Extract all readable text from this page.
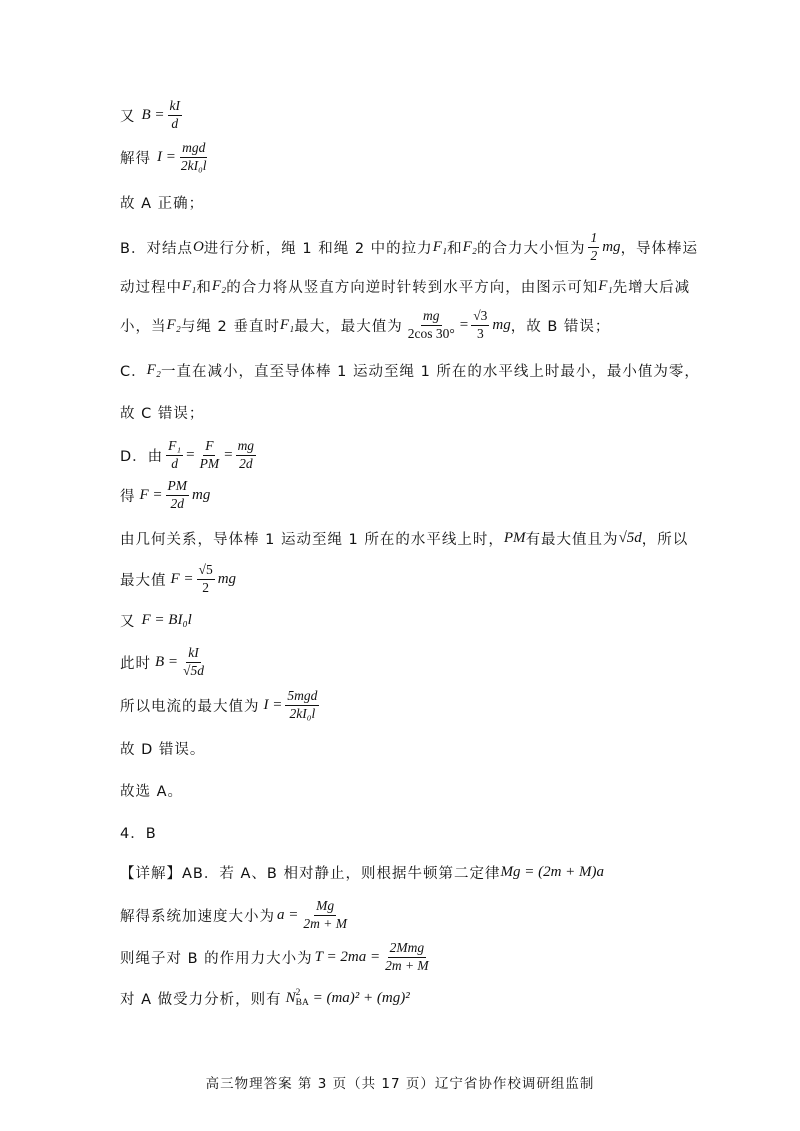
又 $B = \frac{kI}{d}$
解得 $I = \frac{\text{mgd}}{\text{2kI₀l}}$
故 A 正确；
B．对结点 O 进行分析，绳 1 和绳 2 中的拉力 F₁ 和 F₂ 的合力大小恒为 $\frac{1}{2}$ mg ，导体棒运
动过程中 F₁ 和 F₂ 的合力将从竖直方向逆时针转到水平方向，由图示可知 F₁ 先增大后减
小，当 F₂ 与绳 2 垂直时 F₁ 最大，最大值为 $\frac{mg}{2\cos 30^\circ} = \frac{√3}{3}$ mg ，故 B 错误；
C． F₂ 一直在减小，直至导体棒 1 运动至绳 1 所在的水平线上时最小，最小值为零，
故 C 错误；
D．由 $\frac{\text{F₁}}{d} = \frac{F}{PM} = \frac{mg}{2d}$
得 $F = \frac{PM}{2d}$ mg
由几何关系，导体棒 1 运动至绳 1 所在的水平线上时， PM 有最大值且为 √5d ，所以
最大值 $F = \frac{√5}{2}$ mg
又 F = BI₀l
此时 $B = \frac{kI}{√5d}$
所以电流的最大值为 $I = \frac{\text{5mgd}}{\text{2kI₀l}}$
故 D 错误。
故选 A。
4．B
【详解】AB．若 A、B 相对静止，则根据牛顿第二定律 Mg = (2m + M)a
解得系统加速度大小为 $a = \frac{Mg}{2m + M}$
则绳子对 B 的作用力大小为 $T = 2ma = \frac{\text{2Mmg}}{2m + M}$
对 A 做受力分析，则有 N 2
BA = (ma)² + (mg)²
高三物理答案 第 3 页（共 17 页）辽宁省协作校调研组监制
